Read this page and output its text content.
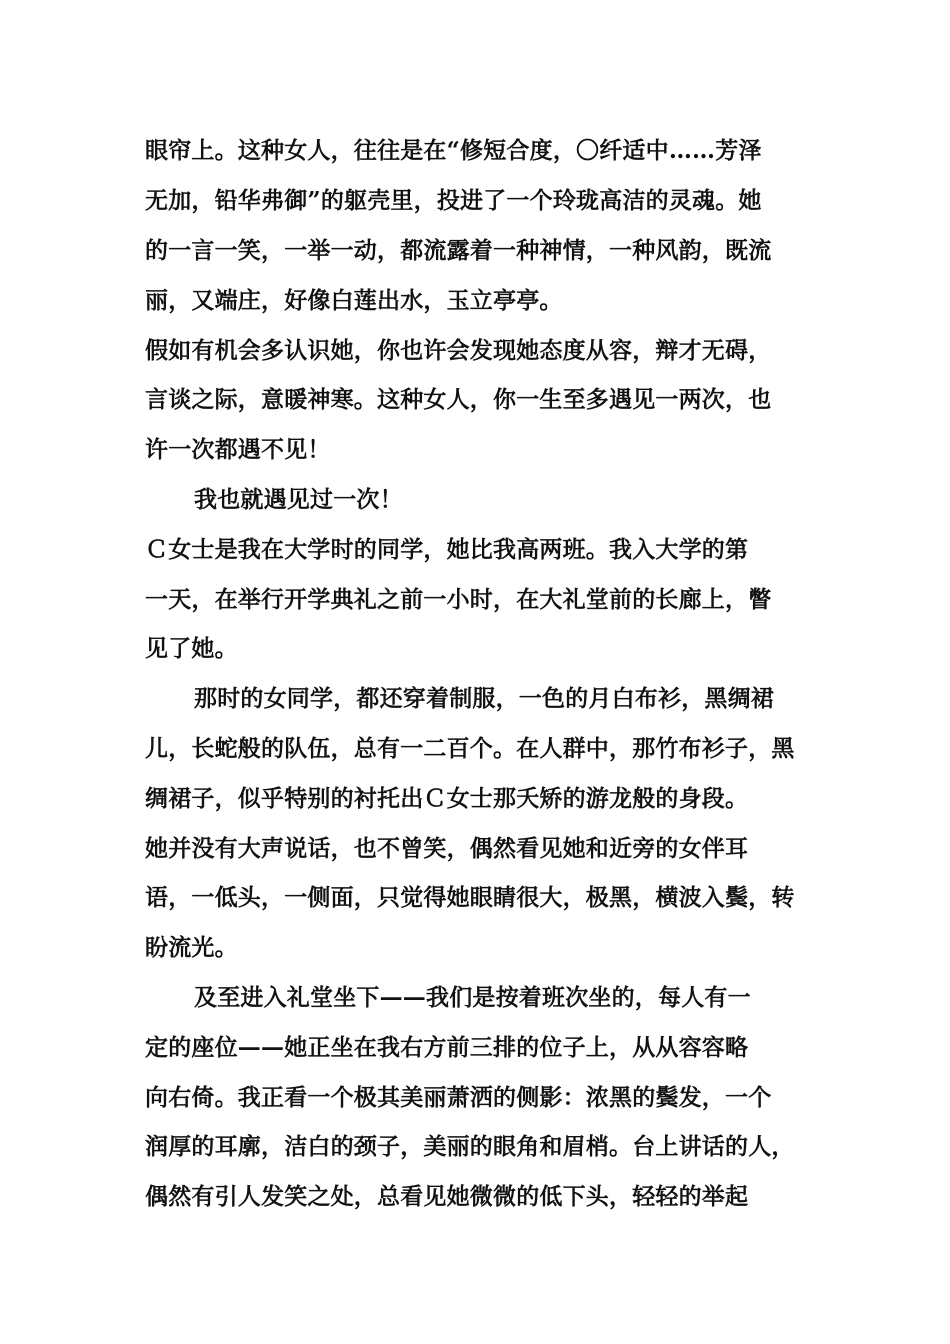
眼帘上。这种女人，往往是在“修短合度，〇纤适中……芳泽
无加，铅华弗御”的躯壳里，投进了一个玲珑高洁的灵魂。她
的一言一笑，一举一动，都流露着一种神情，一种风韵，既流
丽，又端庄，好像白莲出水，玉立亭亭。
假如有机会多认识她，你也许会发现她态度从容，辩才无碍，
言谈之际，意暖神寒。这种女人，你一生至多遇见一两次，也
许一次都遇不见！
我也就遇见过一次！
Ｃ女士是我在大学时的同学，她比我高两班。我入大学的第
一天，在举行开学典礼之前一小时，在大礼堂前的长廊上，瞥
见了她。
那时的女同学，都还穿着制服，一色的月白布衫，黑绸裙
儿，长蛇般的队伍，总有一二百个。在人群中，那竹布衫子，黑
绸裙子，似乎特别的衬托出Ｃ女士那夭矫的游龙般的身段。
她并没有大声说话，也不曾笑，偶然看见她和近旁的女伴耳
语，一低头，一侧面，只觉得她眼睛很大，极黑，横波入鬓，转
盼流光。
及至进入礼堂坐下——我们是按着班次坐的，每人有一
定的座位——她正坐在我右方前三排的位子上，从从容容略
向右倚。我正看一个极其美丽萧洒的侧影：浓黑的鬓发，一个
润厚的耳廓，洁白的颈子，美丽的眼角和眉梢。台上讲话的人，
偶然有引人发笑之处，总看见她微微的低下头，轻轻的举起
